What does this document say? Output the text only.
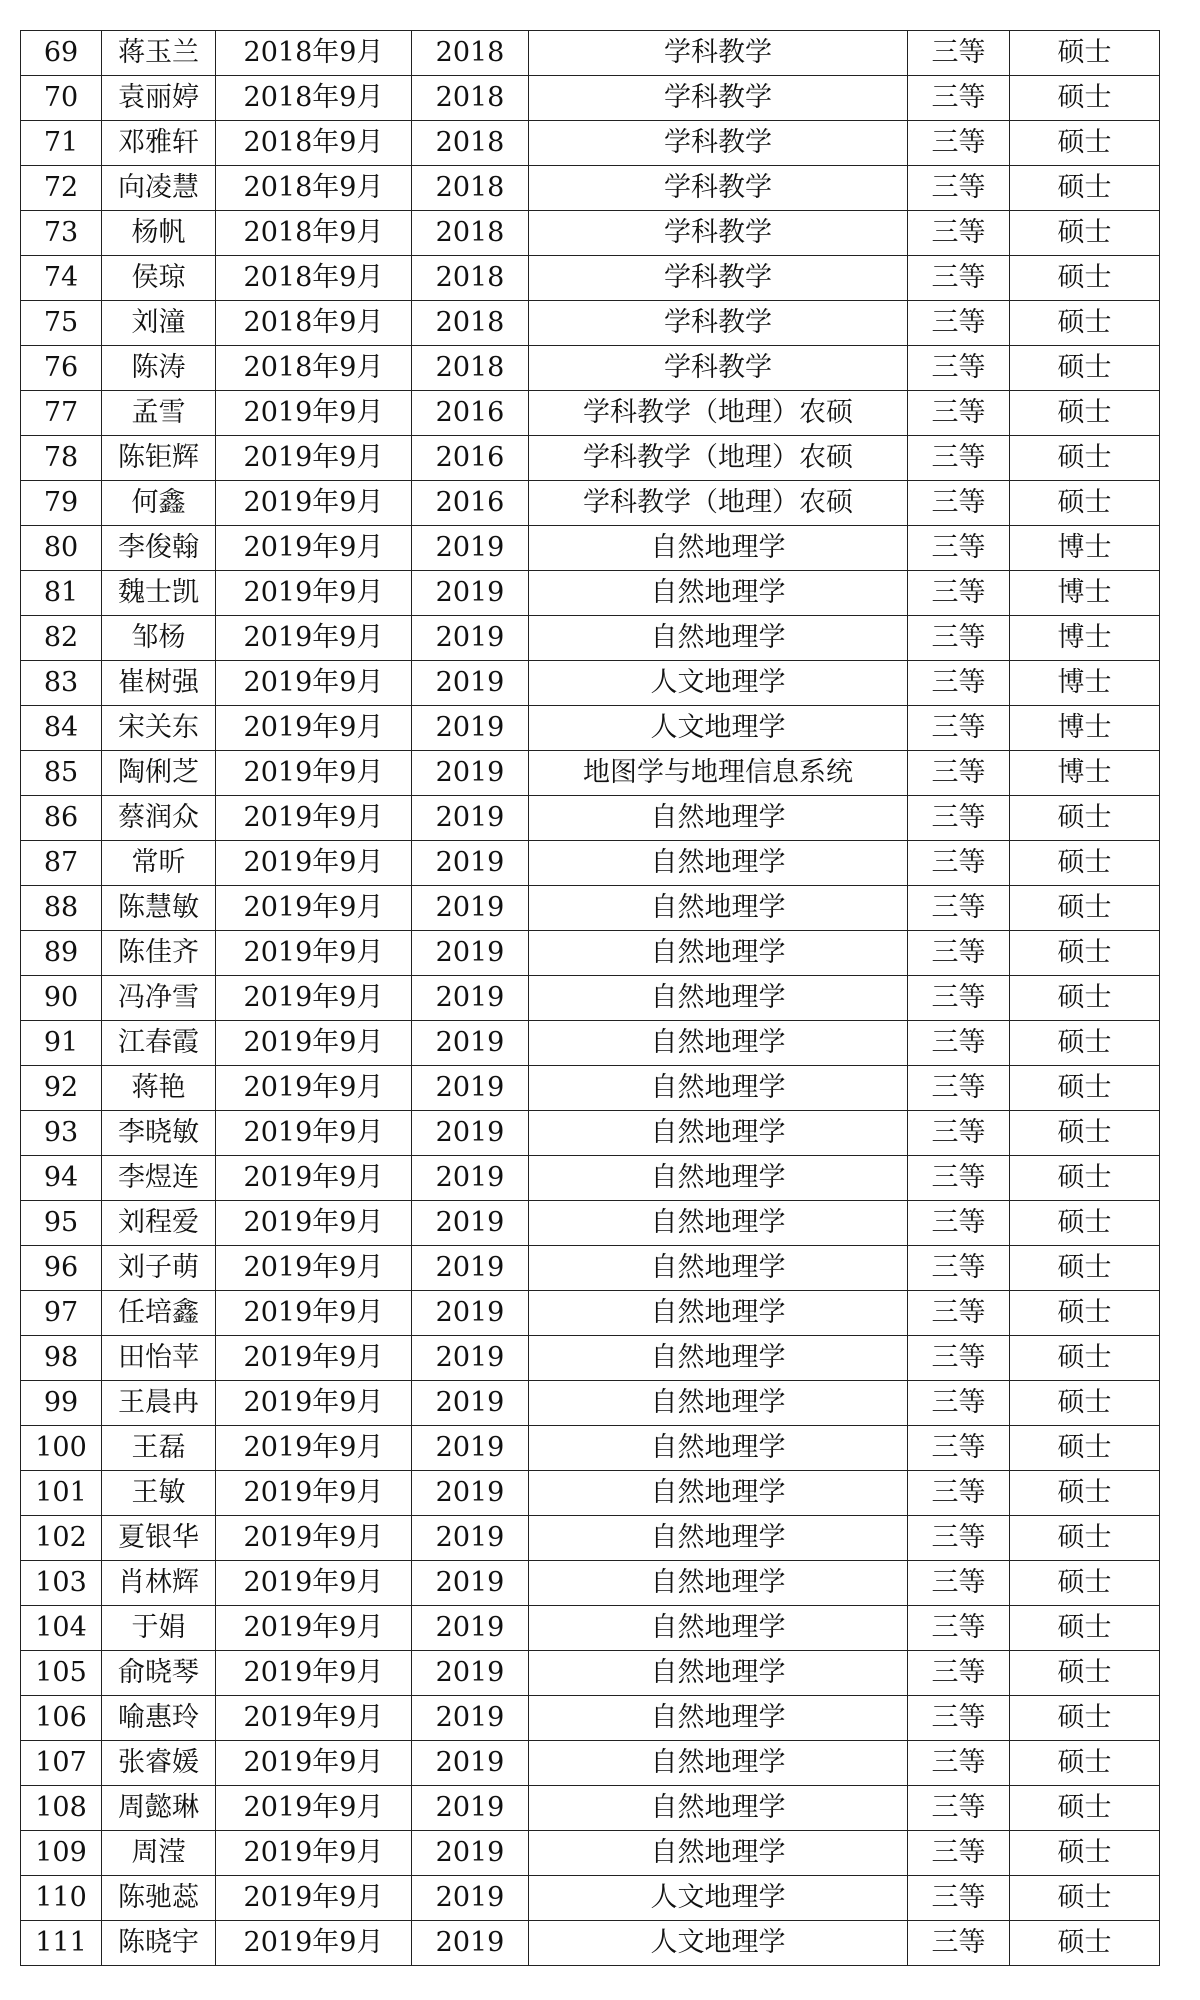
69	蒋玉兰	2018年9月	2018	学科教学	三等	硕士
70	袁丽婷	2018年9月	2018	学科教学	三等	硕士
71	邓雅轩	2018年9月	2018	学科教学	三等	硕士
72	向凌慧	2018年9月	2018	学科教学	三等	硕士
73	杨帆	2018年9月	2018	学科教学	三等	硕士
74	侯琼	2018年9月	2018	学科教学	三等	硕士
75	刘潼	2018年9月	2018	学科教学	三等	硕士
76	陈涛	2018年9月	2018	学科教学	三等	硕士
77	孟雪	2019年9月	2016	学科教学（地理）农硕	三等	硕士
78	陈钜辉	2019年9月	2016	学科教学（地理）农硕	三等	硕士
79	何鑫	2019年9月	2016	学科教学（地理）农硕	三等	硕士
80	李俊翰	2019年9月	2019	自然地理学	三等	博士
81	魏士凯	2019年9月	2019	自然地理学	三等	博士
82	邹杨	2019年9月	2019	自然地理学	三等	博士
83	崔树强	2019年9月	2019	人文地理学	三等	博士
84	宋关东	2019年9月	2019	人文地理学	三等	博士
85	陶俐芝	2019年9月	2019	地图学与地理信息系统	三等	博士
86	蔡润众	2019年9月	2019	自然地理学	三等	硕士
87	常昕	2019年9月	2019	自然地理学	三等	硕士
88	陈慧敏	2019年9月	2019	自然地理学	三等	硕士
89	陈佳齐	2019年9月	2019	自然地理学	三等	硕士
90	冯净雪	2019年9月	2019	自然地理学	三等	硕士
91	江春霞	2019年9月	2019	自然地理学	三等	硕士
92	蒋艳	2019年9月	2019	自然地理学	三等	硕士
93	李晓敏	2019年9月	2019	自然地理学	三等	硕士
94	李煜连	2019年9月	2019	自然地理学	三等	硕士
95	刘程爱	2019年9月	2019	自然地理学	三等	硕士
96	刘子萌	2019年9月	2019	自然地理学	三等	硕士
97	任培鑫	2019年9月	2019	自然地理学	三等	硕士
98	田怡苹	2019年9月	2019	自然地理学	三等	硕士
99	王晨冉	2019年9月	2019	自然地理学	三等	硕士
100	王磊	2019年9月	2019	自然地理学	三等	硕士
101	王敏	2019年9月	2019	自然地理学	三等	硕士
102	夏银华	2019年9月	2019	自然地理学	三等	硕士
103	肖林辉	2019年9月	2019	自然地理学	三等	硕士
104	于娟	2019年9月	2019	自然地理学	三等	硕士
105	俞晓琴	2019年9月	2019	自然地理学	三等	硕士
106	喻惠玲	2019年9月	2019	自然地理学	三等	硕士
107	张睿媛	2019年9月	2019	自然地理学	三等	硕士
108	周懿琳	2019年9月	2019	自然地理学	三等	硕士
109	周滢	2019年9月	2019	自然地理学	三等	硕士
110	陈驰蕊	2019年9月	2019	人文地理学	三等	硕士
111	陈晓宇	2019年9月	2019	人文地理学	三等	硕士
